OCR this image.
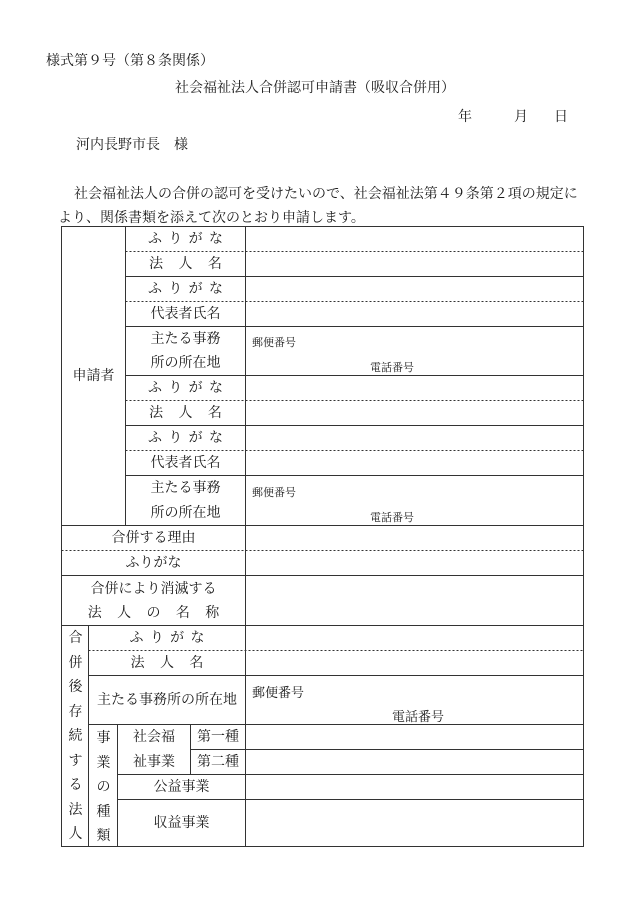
様式第９号（第８条関係）
社会福祉法人合併認可申請書（吸収合併用）
年	月 日
河内長野市長　様
社会福祉法人の合併の認可を受けたいので、社会福祉法第４９条第２項の規定に
より、関係書類を添えて次のとおり申請します。
申請者
ふりがな
法人名
ふりがな
代表者氏名
主たる事務
所の所在地
郵便番号
電話番号
ふりがな
法人名
ふりがな
代表者氏名
主たる事務
所の所在地
郵便番号
電話番号
合併する理由
ふりがな
合併により消滅する
法人の名称
合併後存続する法人
ふりがな
法人名
主たる事務所の所在地	郵便番号
電話番号
事業の種類
社会福
祉事業
第一種
第二種
公益事業
収益事業
